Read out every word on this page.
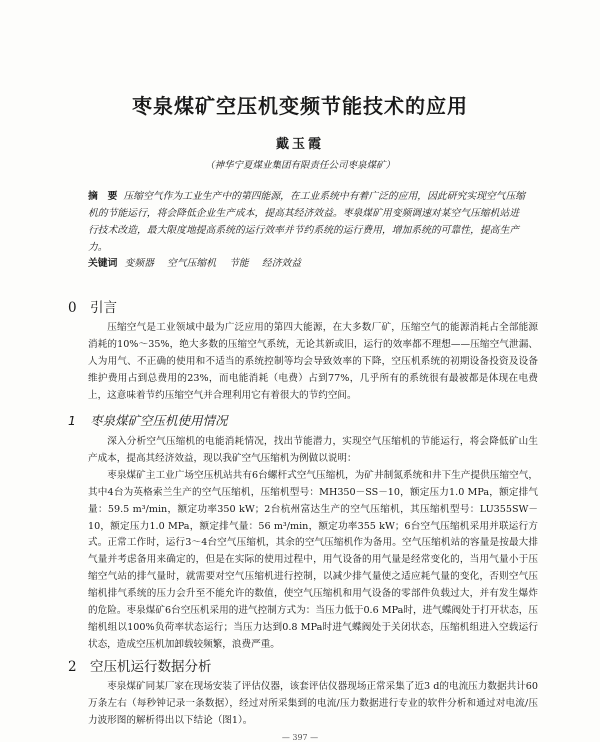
枣泉煤矿空压机变频节能技术的应用
戴玉霞
（神华宁夏煤业集团有限责任公司枣泉煤矿）
摘　要 压缩空气作为工业生产中的第四能源，在工业系统中有着广泛的应用，因此研究实现空气压缩机的节能运行，将会降低企业生产成本，提高其经济效益。枣泉煤矿用变频调速对某空气压缩机站进行技术改造，最大限度地提高系统的运行效率并节约系统的运行费用，增加系统的可靠性，提高生产力。
关键词 变频器 空气压缩机 节能 经济效益
0 引言

压缩空气是工业领域中最为广泛应用的第四大能源，在大多数厂矿，压缩空气的能源消耗占全部能源消耗的10%～35%，绝大多数的压缩空气系统，无论其新或旧，运行的效率都不理想——压缩空气泄漏、人为用气、不正确的使用和不适当的系统控制等均会导致效率的下降，空压机系统的初期设备投资及设备维护费用占到总费用的23%，而电能消耗（电费）占到77%，几乎所有的系统很有最被都是体现在电费上，这意味着节约压缩空气并合理利用它有着很大的节约空间。

1 枣泉煤矿空压机使用情况

深入分析空气压缩机的电能消耗情况，找出节能潜力，实现空气压缩机的节能运行，将会降低矿山生产成本，提高其经济效益，现以我矿空气压缩机为例做以说明：

枣泉煤矿主工业广场空压机站共有6台螺杆式空气压缩机，为矿井制氮系统和井下生产提供压缩空气，其中4台为英格索兰生产的空气压缩机，压缩机型号：MH350－SS－10，额定压力1.0 MPa，额定排气量：59.5 m³/min，额定功率350 kW；2台杭州富达生产的空气压缩机，其压缩机型号：LU355SW－10，额定压力1.0 MPa，额定排气量：56 m³/min，额定功率355 kW；6台空气压缩机采用并联运行方式。正常工作时，运行3～4台空气压缩机，其余的空气压缩机作为备用。空气压缩机站的容量是按最大排气量并考虑备用来确定的，但是在实际的使用过程中，用气设备的用气量是经常变化的，当用气量小于压缩空气站的排气量时，就需要对空气压缩机进行控制，以减少排气量使之适应耗气量的变化，否则空气压缩机排气系统的压力会升至不能允许的数值，使空气压缩机和用气设备的零部件负载过大，并有发生爆炸的危险。枣泉煤矿6台空压机采用的进气控制方式为：当压力低于0.6 MPa时，进气蝶阀处于打开状态，压缩机组以100%负荷率状态运行；当压力达到0.8 MPa时进气蝶阀处于关闭状态，压缩机组进入空载运行状态，造成空压机加卸载较频繁，浪费严重。

2 空压机运行数据分析

枣泉煤矿同某厂家在现场安装了评估仪器，该套评估仪器现场正常采集了近3 d的电流压力数据共计60万条左右（每秒钟记录一条数据），经过对所采集到的电流/压力数据进行专业的软件分析和通过对电流/压力波形图的解析得出以下结论（图1）。

— 397 —
